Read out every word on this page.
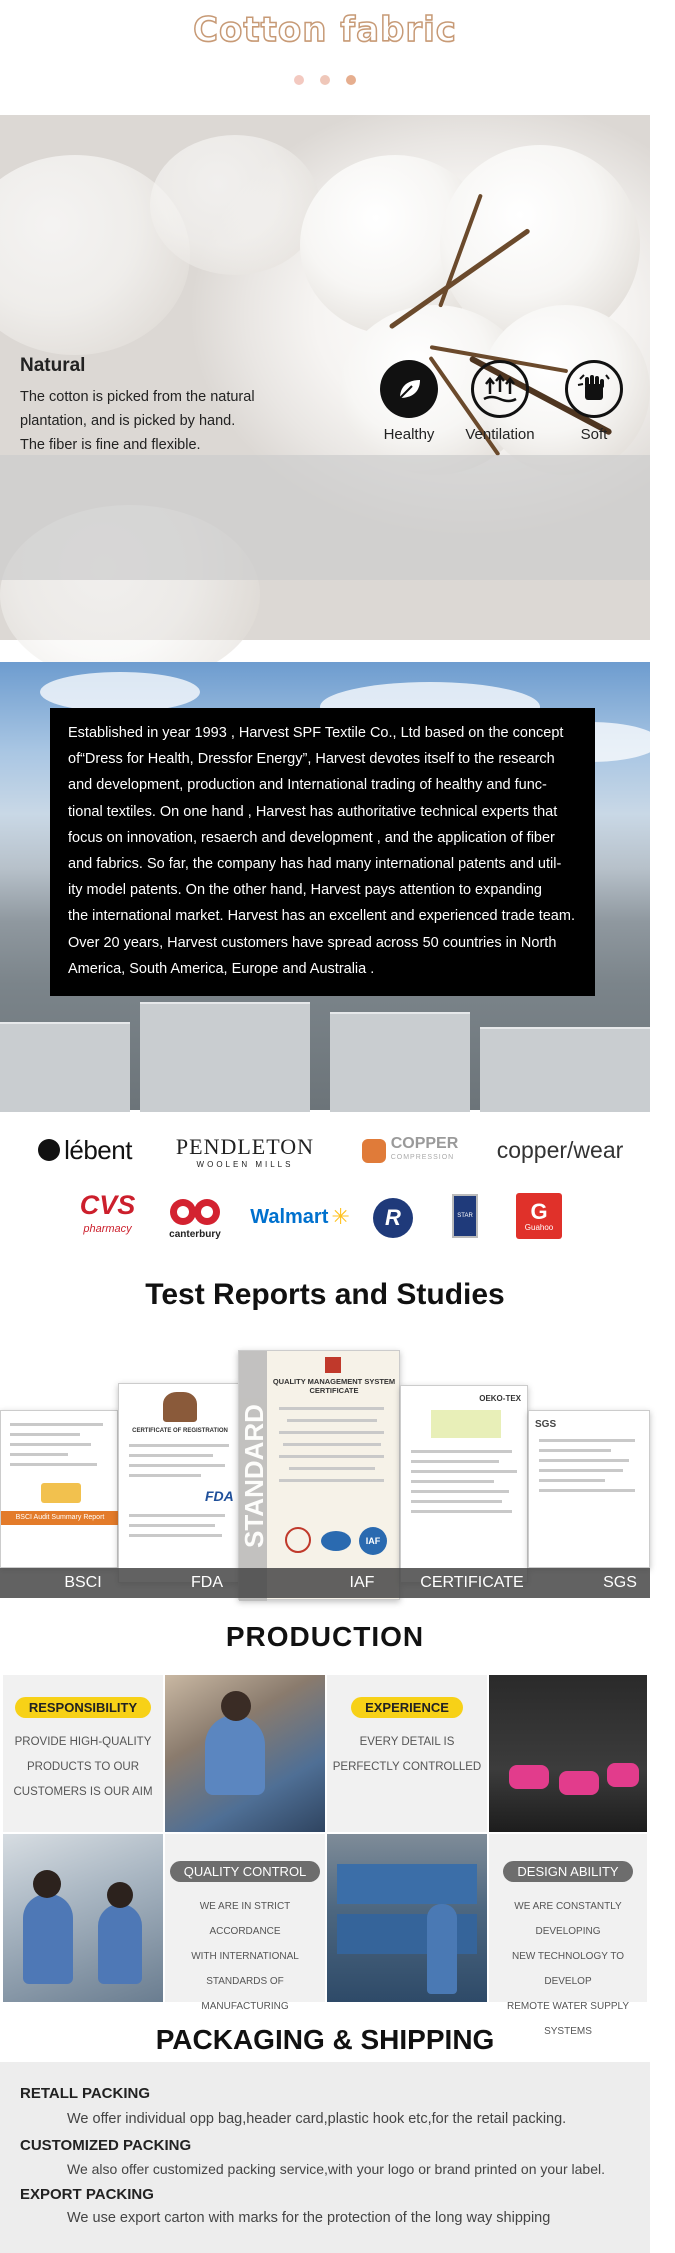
Cotton fabric

Natural
The cotton is picked from the natural
plantation, and is picked by hand.
The fiber is fine and flexible.
Healthy	Ventilation	Soft
Established in year 1993 , Harvest SPF Textile Co., Ltd based on the concept
of“Dress for Health, Dressfor Energy”, Harvest devotes itself to the research
and development, production and International trading of healthy and func-
tional textiles. On one hand , Harvest has authoritative technical experts that
focus on innovation, resaerch and development , and the application of fiber
and fabrics. So far, the company has had many international patents and util-
ity model patents. On the other hand, Harvest pays attention to expanding
the international market. Harvest has an excellent and experienced trade team.
Over 20 years, Harvest customers have spread across 50 countries in North
America, South America, Europe and Australia .
lébent PENDLETON
WOOLEN MILLS
COPPER
COMPRESSION copper/wear
CVS
pharmacy	canterbury
Walmart ✳	R	STAR	G
Guahoo
Test Reports and Studies
BSCI Audit Summary Report
CERTIFICATE OF REGISTRATION
FDA STANDARD
QUALITY MANAGEMENT SYSTEM CERTIFICATE
IAF
OEKO-TEX
SGS
BSCI	FDA	IAF	CERTIFICATE	SGS
PRODUCTION
RESPONSIBILITY
PROVIDE HIGH-QUALITY
PRODUCTS TO OUR
CUSTOMERS IS OUR AIM
EXPERIENCE
EVERY DETAIL IS
PERFECTLY CONTROLLED
QUALITY CONTROL
WE ARE IN STRICT ACCORDANCE
WITH INTERNATIONAL
STANDARDS OF MANUFACTURING
DESIGN ABILITY
WE ARE CONSTANTLY DEVELOPING
NEW TECHNOLOGY TO DEVELOP
REMOTE WATER SUPPLY SYSTEMS
PACKAGING & SHIPPING
RETALL PACKING
We offer individual opp bag,header card,plastic hook etc,for the retail packing.
CUSTOMIZED PACKING
We also offer customized packing service,with your logo or brand printed on your label.
EXPORT PACKING
We use export carton with marks for the protection of the long way shipping
